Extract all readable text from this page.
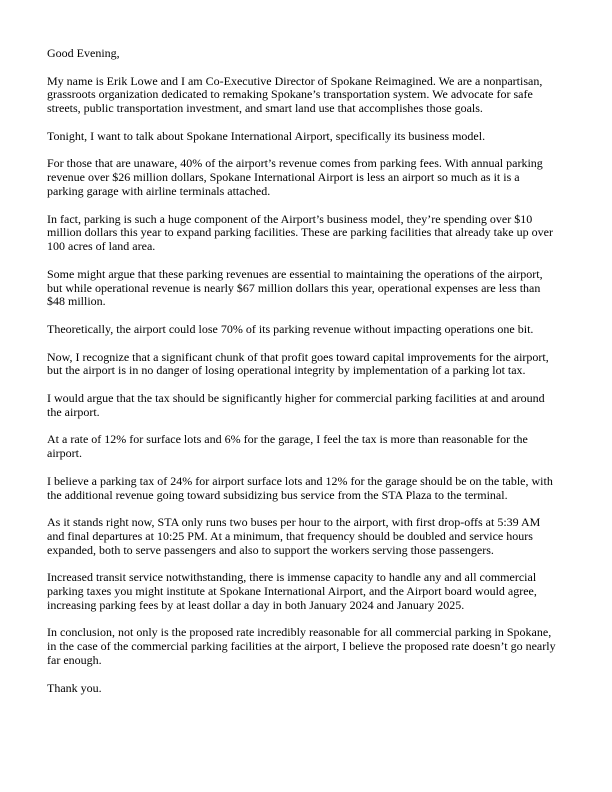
Good Evening,

My name is Erik Lowe and I am Co-Executive Director of Spokane Reimagined. We are a nonpartisan, grassroots organization dedicated to remaking Spokane’s transportation system. We advocate for safe streets, public transportation investment, and smart land use that accomplishes those goals.

Tonight, I want to talk about Spokane International Airport, specifically its business model.

For those that are unaware, 40% of the airport’s revenue comes from parking fees. With annual parking revenue over $26 million dollars, Spokane International Airport is less an airport so much as it is a parking garage with airline terminals attached.

In fact, parking is such a huge component of the Airport’s business model, they’re spending over $10 million dollars this year to expand parking facilities. These are parking facilities that already take up over 100 acres of land area.

Some might argue that these parking revenues are essential to maintaining the operations of the airport, but while operational revenue is nearly $67 million dollars this year, operational expenses are less than $48 million.

Theoretically, the airport could lose 70% of its parking revenue without impacting operations one bit.

Now, I recognize that a significant chunk of that profit goes toward capital improvements for the airport, but the airport is in no danger of losing operational integrity by implementation of a parking lot tax.

I would argue that the tax should be significantly higher for commercial parking facilities at and around the airport.

At a rate of 12% for surface lots and 6% for the garage, I feel the tax is more than reasonable for the airport.

I believe a parking tax of 24% for airport surface lots and 12% for the garage should be on the table, with the additional revenue going toward subsidizing bus service from the STA Plaza to the terminal.

As it stands right now, STA only runs two buses per hour to the airport, with first drop-offs at 5:39 AM and final departures at 10:25 PM. At a minimum, that frequency should be doubled and service hours expanded, both to serve passengers and also to support the workers serving those passengers.

Increased transit service notwithstanding, there is immense capacity to handle any and all commercial parking taxes you might institute at Spokane International Airport, and the Airport board would agree, increasing parking fees by at least dollar a day in both January 2024 and January 2025.

In conclusion, not only is the proposed rate incredibly reasonable for all commercial parking in Spokane, in the case of the commercial parking facilities at the airport, I believe the proposed rate doesn’t go nearly far enough.

Thank you.
